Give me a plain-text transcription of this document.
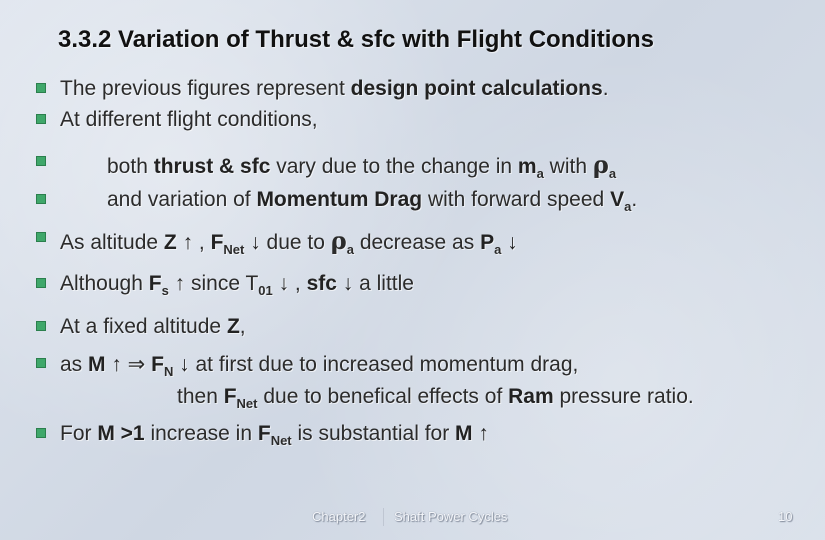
3.3.2 Variation of Thrust & sfc with Flight Conditions
The previous figures represent design point calculations.
At different flight conditions,
both thrust & sfc vary due to the change in $m_a$ with $\rho_a$
and variation of Momentum Drag with forward speed $V_a$.
As altitude Z ↑ , $F_{Net}$ ↓ due to $\rho_a$ decrease as $P_a$ ↓
Although $F_s$ ↑ since $T_{01}$ ↓ , sfc ↓ a little
At a fixed altitude Z,
as M ↑ ⇒ $F_N$ ↓ at first due to increased momentum drag,
then $F_{Net}$ due to benefical effects of Ram pressure ratio.
For M >1 increase in $F_{Net}$ is substantial for M ↑
Chapter2 Shaft Power Cycles	10
